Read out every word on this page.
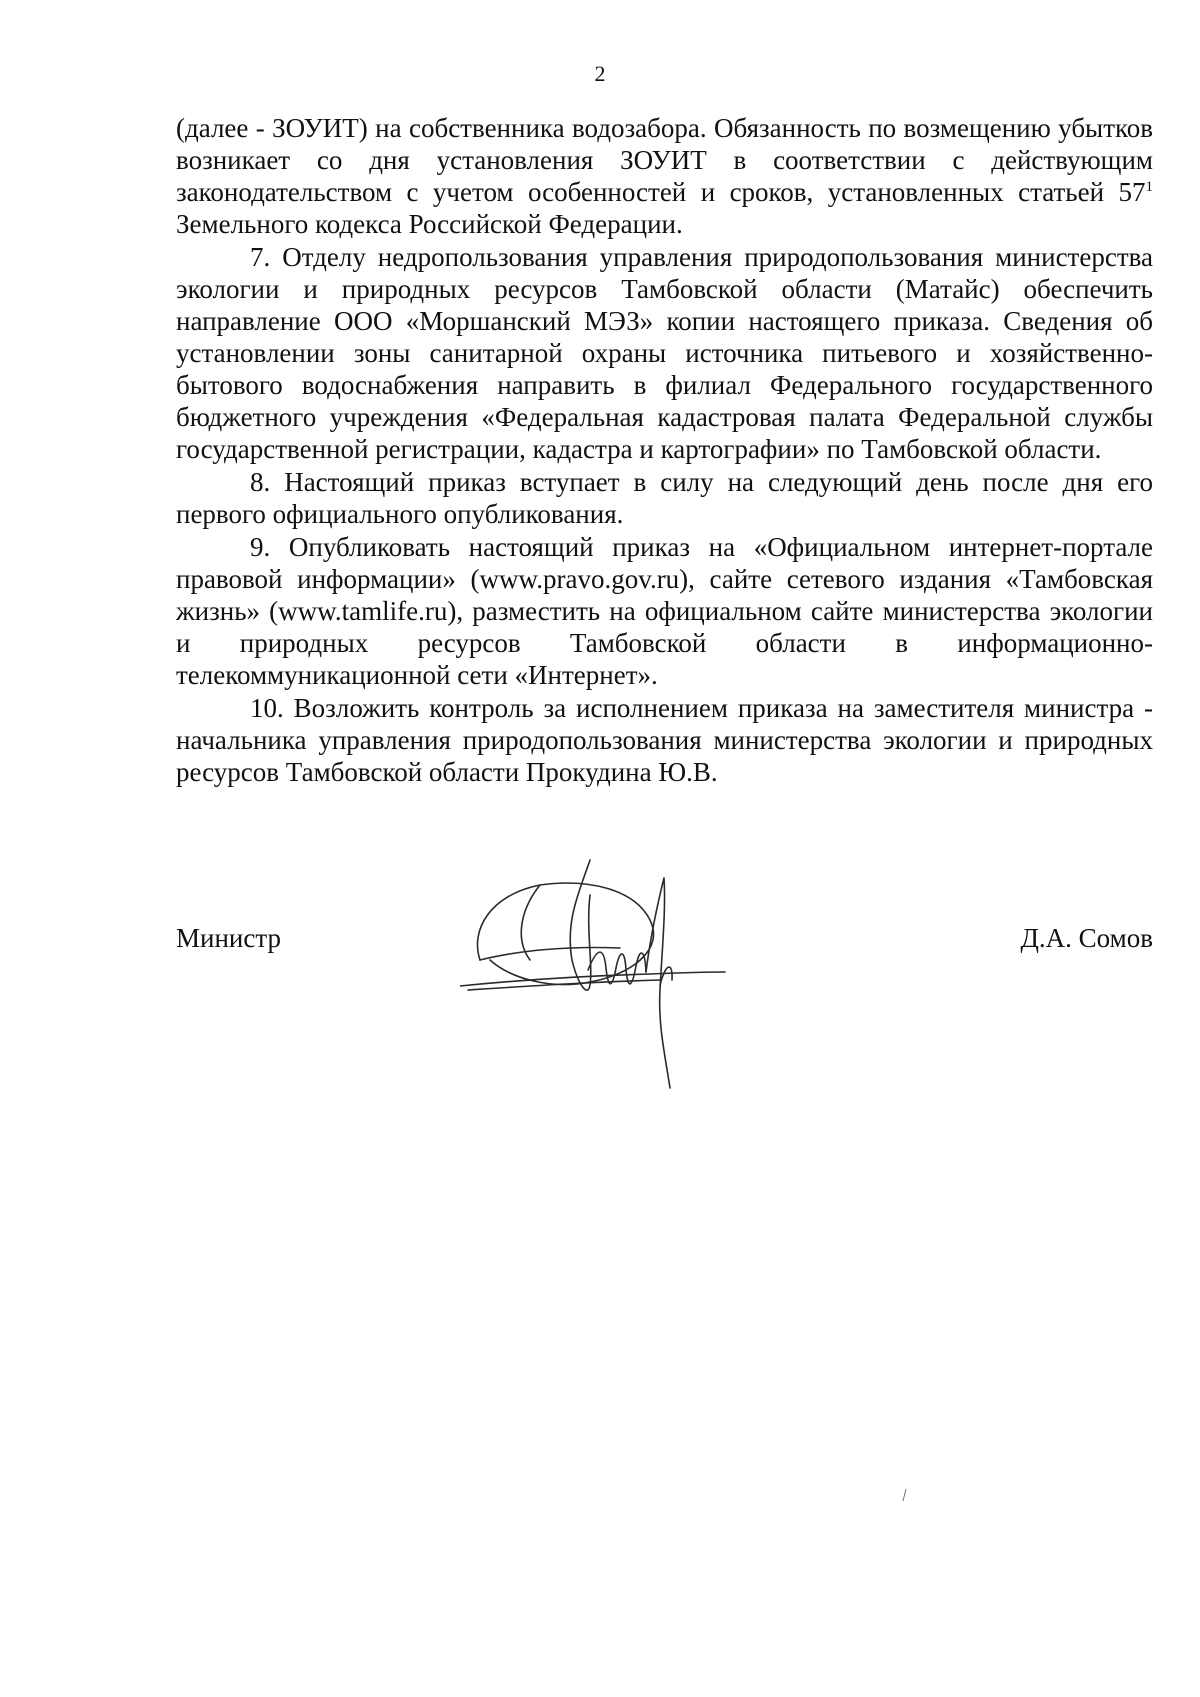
2

(далее - ЗОУИТ) на собственника водозабора. Обязанность по возмещению убытков возникает со дня установления ЗОУИТ в соответствии с действующим законодательством с учетом особенностей и сроков, установленных статьей $57^1$ Земельного кодекса Российской Федерации.

7. Отделу недропользования управления природопользования министерства экологии и природных ресурсов Тамбовской области (Матайс) обеспечить направление ООО «Моршанский МЭЗ» копии настоящего приказа. Сведения об установлении зоны санитарной охраны источника питьевого и хозяйственно-бытового водоснабжения направить в филиал Федерального государственного бюджетного учреждения «Федеральная кадастровая палата Федеральной службы государственной регистрации, кадастра и картографии» по Тамбовской области.

8. Настоящий приказ вступает в силу на следующий день после дня его первого официального опубликования.

9. Опубликовать настоящий приказ на «Официальном интернет-портале правовой информации» (www.pravo.gov.ru), сайте сетевого издания «Тамбовская жизнь» (www.tamlife.ru), разместить на официальном сайте министерства экологии и природных ресурсов Тамбовской области в информационно-телекоммуникационной сети «Интернет».

10. Возложить контроль за исполнением приказа на заместителя министра - начальника управления природопользования министерства экологии и природных ресурсов Тамбовской области Прокудина Ю.В.

Министр	Д.А. Сомов
